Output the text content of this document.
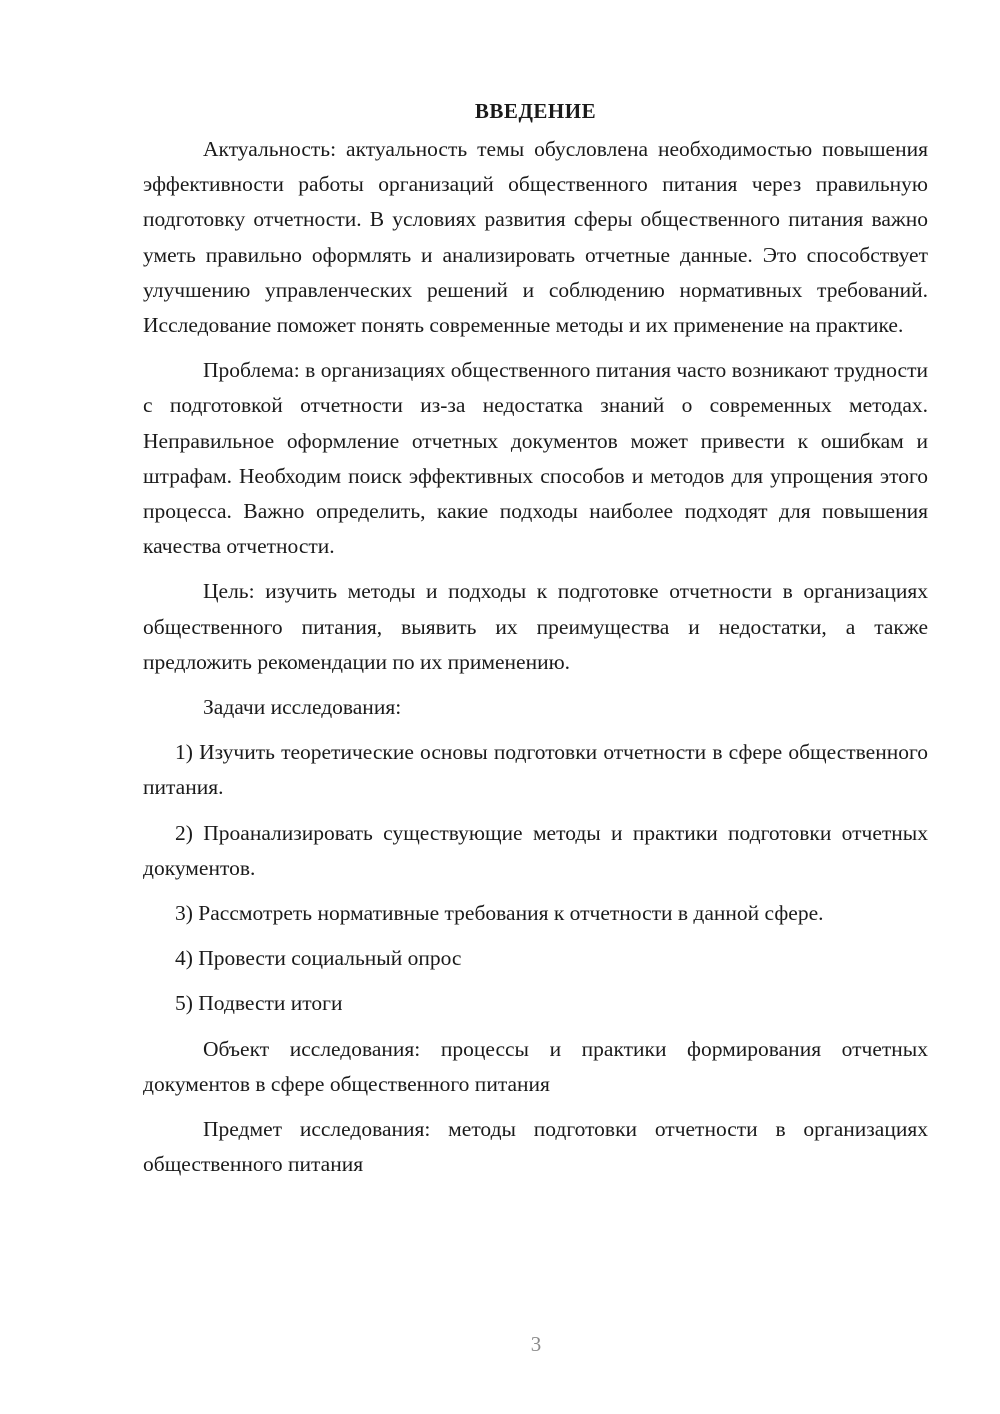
ВВЕДЕНИЕ

Актуальность: актуальность темы обусловлена необходимостью повышения эффективности работы организаций общественного питания через правильную подготовку отчетности. В условиях развития сферы общественного питания важно уметь правильно оформлять и анализировать отчетные данные. Это способствует улучшению управленческих решений и соблюдению нормативных требований. Исследование поможет понять современные методы и их применение на практике.

Проблема: в организациях общественного питания часто возникают трудности с подготовкой отчетности из-за недостатка знаний о современных методах. Неправильное оформление отчетных документов может привести к ошибкам и штрафам. Необходим поиск эффективных способов и методов для упрощения этого процесса. Важно определить, какие подходы наиболее подходят для повышения качества отчетности.

Цель: изучить методы и подходы к подготовке отчетности в организациях общественного питания, выявить их преимущества и недостатки, а также предложить рекомендации по их применению.

Задачи исследования:

1) Изучить теоретические основы подготовки отчетности в сфере общественного питания.

2) Проанализировать существующие методы и практики подготовки отчетных документов.

3) Рассмотреть нормативные требования к отчетности в данной сфере.

4) Провести социальный опрос

5) Подвести итоги

Объект исследования: процессы и практики формирования отчетных документов в сфере общественного питания

Предмет исследования: методы подготовки отчетности в организациях общественного питания

3
